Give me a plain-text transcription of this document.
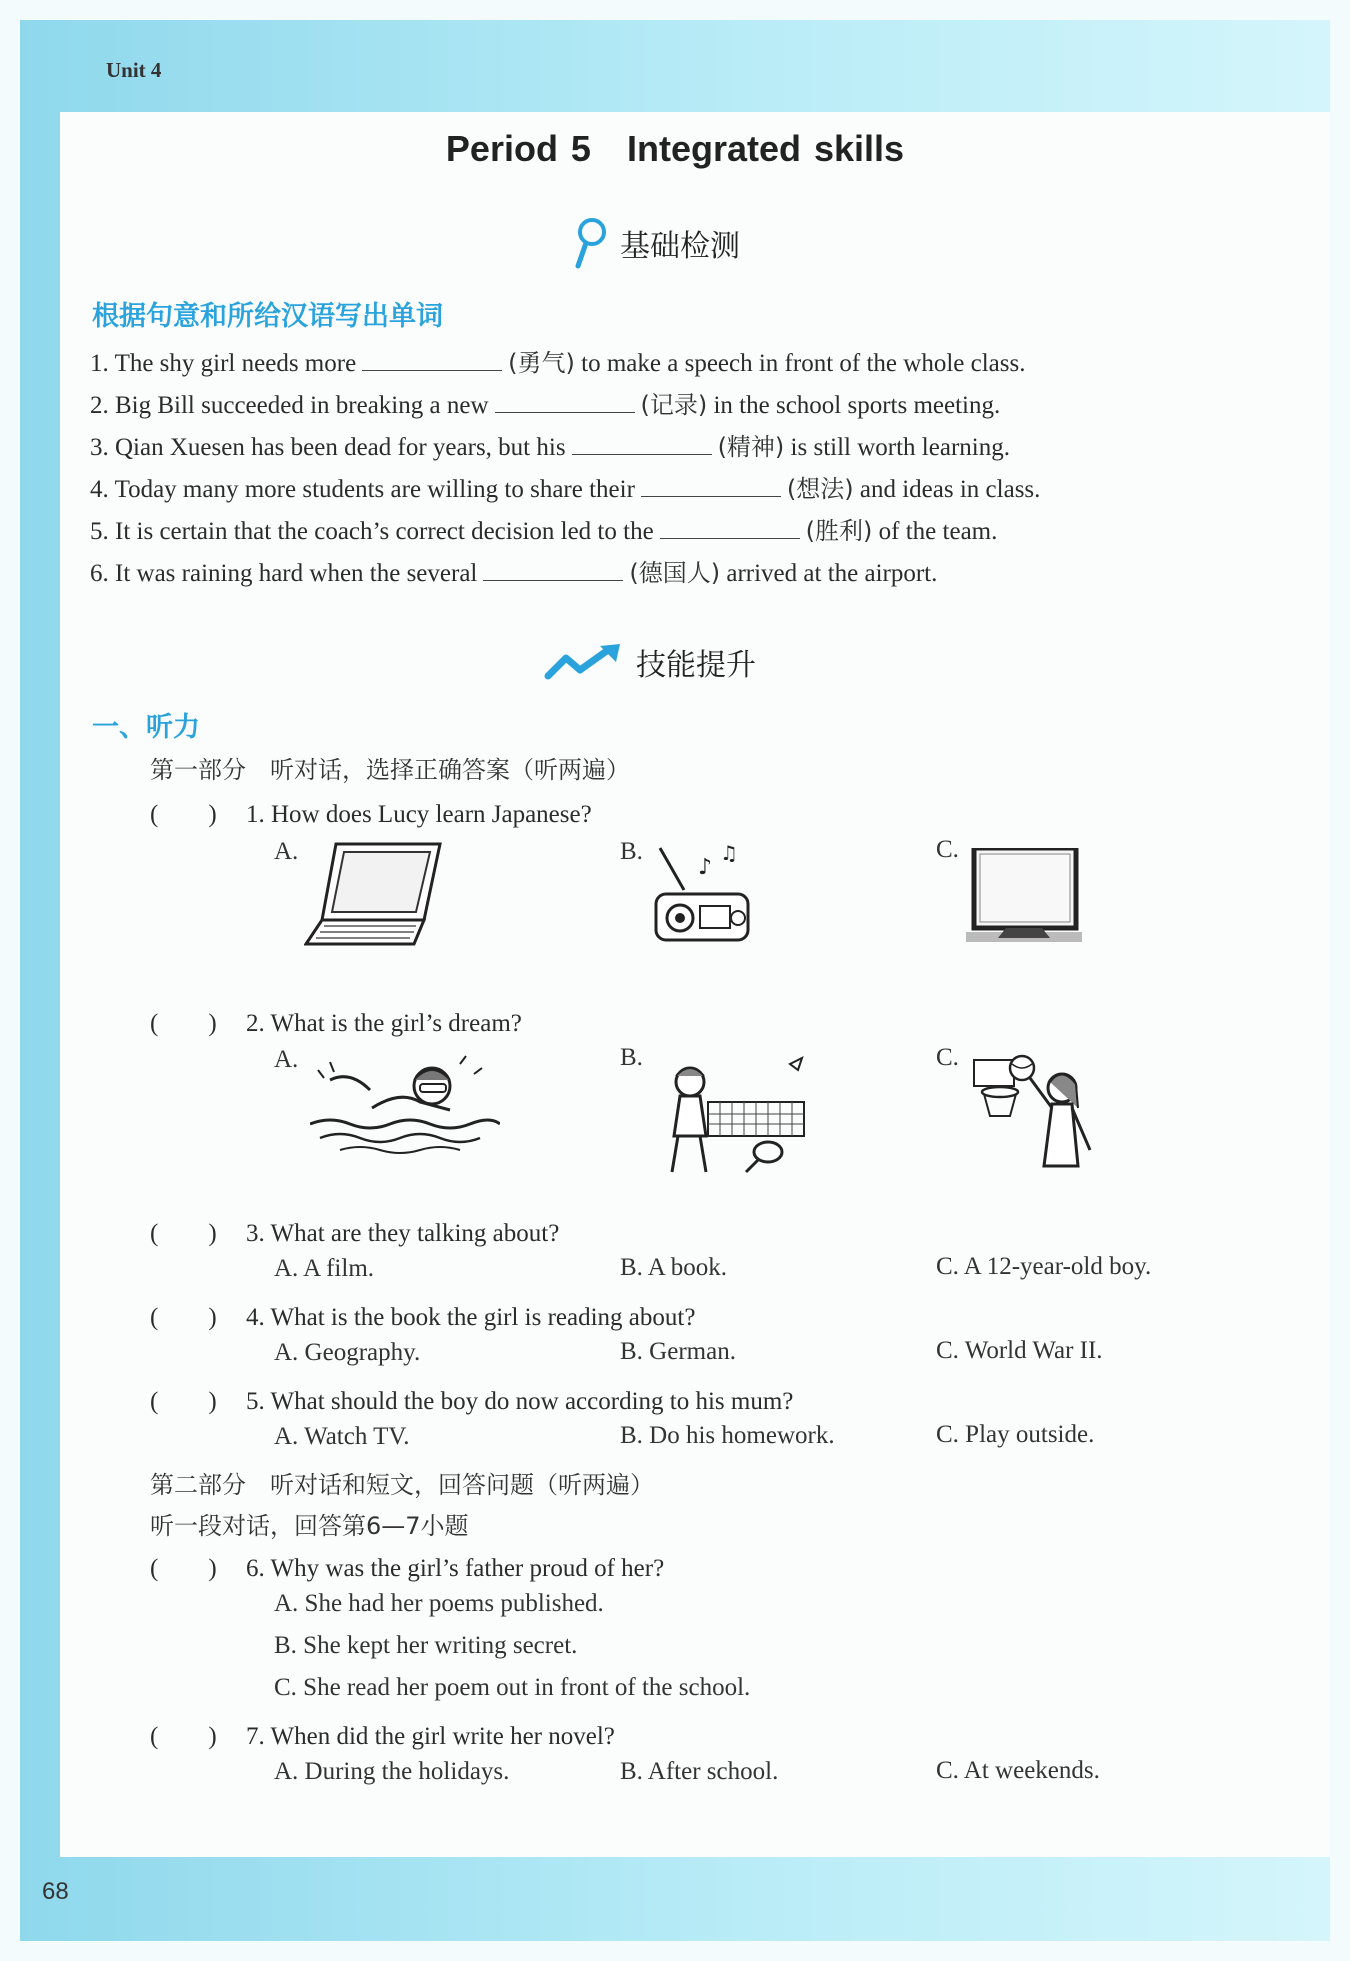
Unit 4
Period 5 Integrated skills
基础检测
根据句意和所给汉语写出单词
1. The shy girl needs more	(勇气) to make a speech in front of the whole class.
2. Big Bill succeeded in breaking a new	(记录) in the school sports meeting.
3. Qian Xuesen has been dead for years, but his	(精神) is still worth learning.
4. Today many more students are willing to share their	(想法) and ideas in class.
5. It is certain that the coach’s correct decision led to the	(胜利) of the team.
6. It was raining hard when the several	(德国人) arrived at the airport.
技能提升
一、听力
第一部分　听对话，选择正确答案（听两遍）
(　　) 1. How does Lucy learn Japanese?
A.	B.	C.
♪
♫
(　　) 2. What is the girl’s dream?
A.	B.	C.
(　　) 3. What are they talking about?
A. A film.	B. A book.	C. A 12-year-old boy.
(　　) 4. What is the book the girl is reading about?
A. Geography.	B. German.	C. World War II.
(　　) 5. What should the boy do now according to his mum?
A. Watch TV.	B. Do his homework.	C. Play outside.
第二部分　听对话和短文，回答问题（听两遍）
听一段对话，回答第6—7小题
(　　) 6. Why was the girl’s father proud of her?
A. She had her poems published.
B. She kept her writing secret.
C. She read her poem out in front of the school.
(　　) 7. When did the girl write her novel?
A. During the holidays.	B. After school.	C. At weekends.
68
